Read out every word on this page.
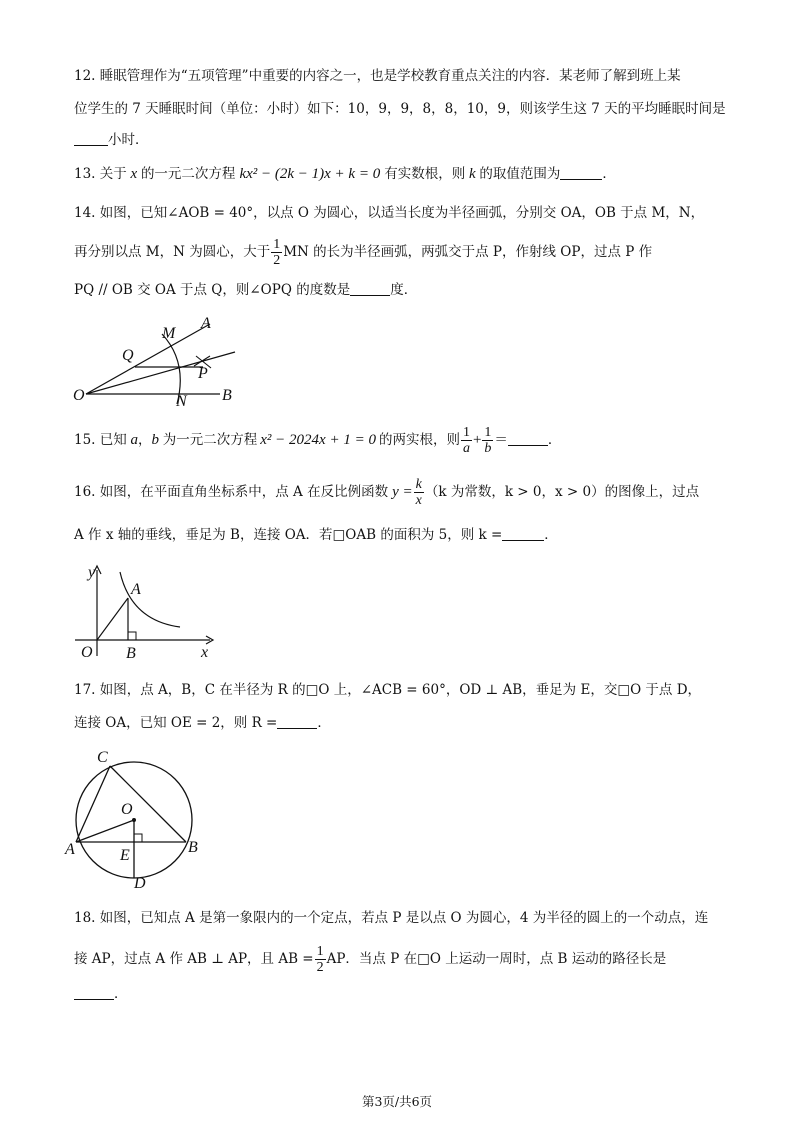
12. 睡眠管理作为“五项管理”中重要的内容之一，也是学校教育重点关注的内容．某老师了解到班上某
位学生的 7 天睡眠时间（单位：小时）如下：10，9，9，8，8，10，9，则该学生这 7 天的平均睡眠时间是
小时．
13. 关于 x 的一元二次方程 kx² − (2k − 1)x + k = 0 有实数根，则 k 的取值范围为	．
14. 如图，已知∠AOB = 40°，以点 O 为圆心，以适当长度为半径画弧，分别交 OA，OB 于点 M，N，
再分别以点 M，N 为圆心，大于 $\frac{1}{2}$ MN 的长为半径画弧，两弧交于点 P，作射线 OP，过点 P 作
PQ // OB 交 OA 于点 Q，则∠OPQ 的度数是	度．
M
A
Q
P
O	N B
15. 已知 a，b 为一元二次方程 x² − 2024x + 1 = 0 的两实根，则 $\frac{1}{a} + \frac{1}{b}$ ＝	．
16. 如图，在平面直角坐标系中，点 A 在反比例函数 $y = \frac{k}{x} (k$ 为常数，k > 0，x > 0）的图像上，过点
A 作 x 轴的垂线，垂足为 B，连接 OA．若□OAB 的面积为 5，则 k =	．
y
A
O B	x
17. 如图，点 A，B，C 在半径为 R 的□O 上，∠ACB = 60°，OD ⊥ AB，垂足为 E，交□O 于点 D，
连接 OA，已知 OE = 2，则 R =	．
C
O
A	E	B
D
18. 如图，已知点 A 是第一象限内的一个定点，若点 P 是以点 O 为圆心，4 为半径的圆上的一个动点，连
接 AP，过点 A 作 AB ⊥ AP，且 AB = $\frac{1}{2}$ AP．当点 P 在□O 上运动一周时，点 B 运动的路径长是
．
第3页/共6页
